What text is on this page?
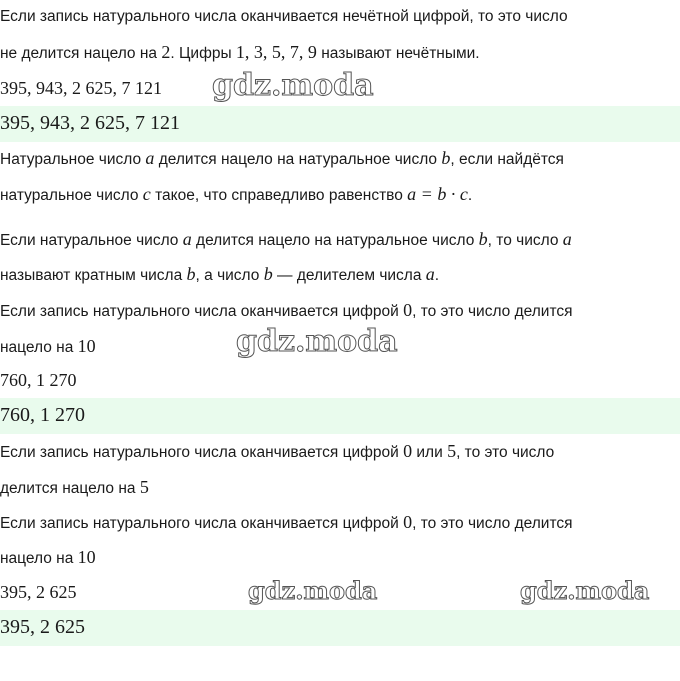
Если запись натурального числа оканчивается нечётной цифрой, то это число
не делится нацело на 2. Цифры 1, 3, 5, 7, 9 называют нечётными.
395, 943, 2 625, 7 121
395, 943, 2 625, 7 121
Натуральное число a делится нацело на натуральное число b, если найдётся
натуральное число c такое, что справедливо равенство a = b · c.
Если натуральное число a делится нацело на натуральное число b, то число a
называют кратным числа b, а число b — делителем числа a.
Если запись натурального числа оканчивается цифрой 0, то это число делится
нацело на 10
760, 1 270
760, 1 270
Если запись натурального числа оканчивается цифрой 0 или 5, то это число
делится нацело на 5
Если запись натурального числа оканчивается цифрой 0, то это число делится
нацело на 10
395, 2 625
395, 2 625
gdz.moda
gdz.moda
gdz.moda	gdz.moda
